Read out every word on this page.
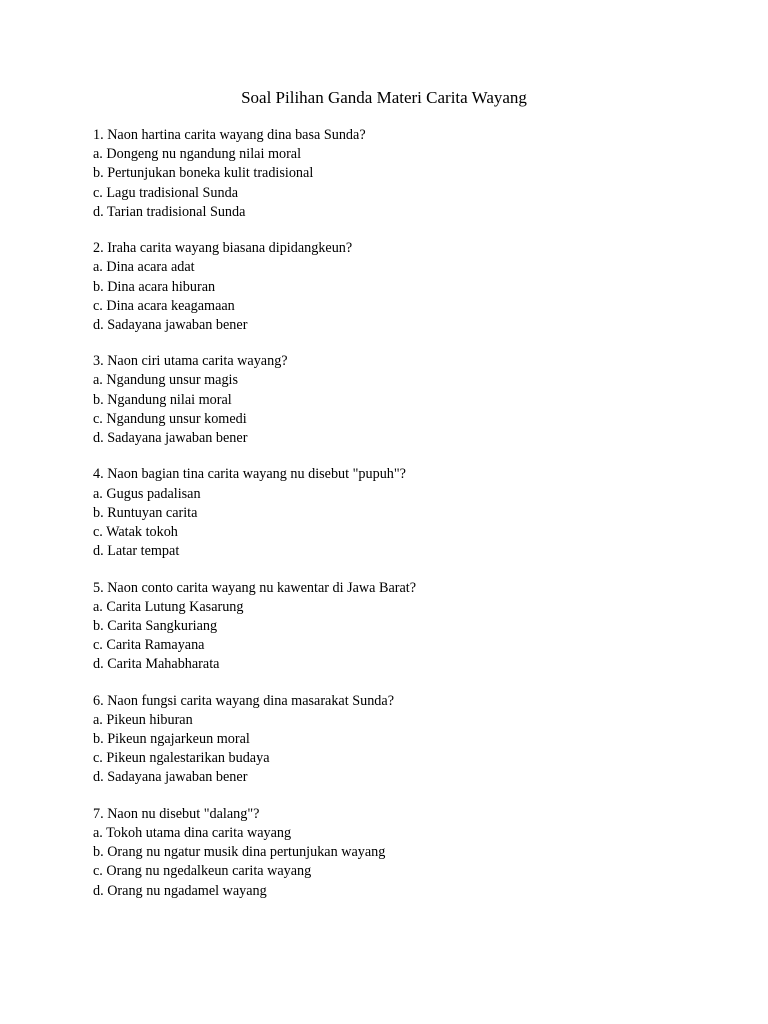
Soal Pilihan Ganda Materi Carita Wayang
1. Naon hartina carita wayang dina basa Sunda?
a. Dongeng nu ngandung nilai moral
b. Pertunjukan boneka kulit tradisional
c. Lagu tradisional Sunda
d. Tarian tradisional Sunda
2. Iraha carita wayang biasana dipidangkeun?
a. Dina acara adat
b. Dina acara hiburan
c. Dina acara keagamaan
d. Sadayana jawaban bener
3. Naon ciri utama carita wayang?
a. Ngandung unsur magis
b. Ngandung nilai moral
c. Ngandung unsur komedi
d. Sadayana jawaban bener
4. Naon bagian tina carita wayang nu disebut "pupuh"?
a. Gugus padalisan
b. Runtuyan carita
c. Watak tokoh
d. Latar tempat
5. Naon conto carita wayang nu kawentar di Jawa Barat?
a. Carita Lutung Kasarung
b. Carita Sangkuriang
c. Carita Ramayana
d. Carita Mahabharata
6. Naon fungsi carita wayang dina masarakat Sunda?
a. Pikeun hiburan
b. Pikeun ngajarkeun moral
c. Pikeun ngalestarikan budaya
d. Sadayana jawaban bener
7. Naon nu disebut "dalang"?
a. Tokoh utama dina carita wayang
b. Orang nu ngatur musik dina pertunjukan wayang
c. Orang nu ngedalkeun carita wayang
d. Orang nu ngadamel wayang
